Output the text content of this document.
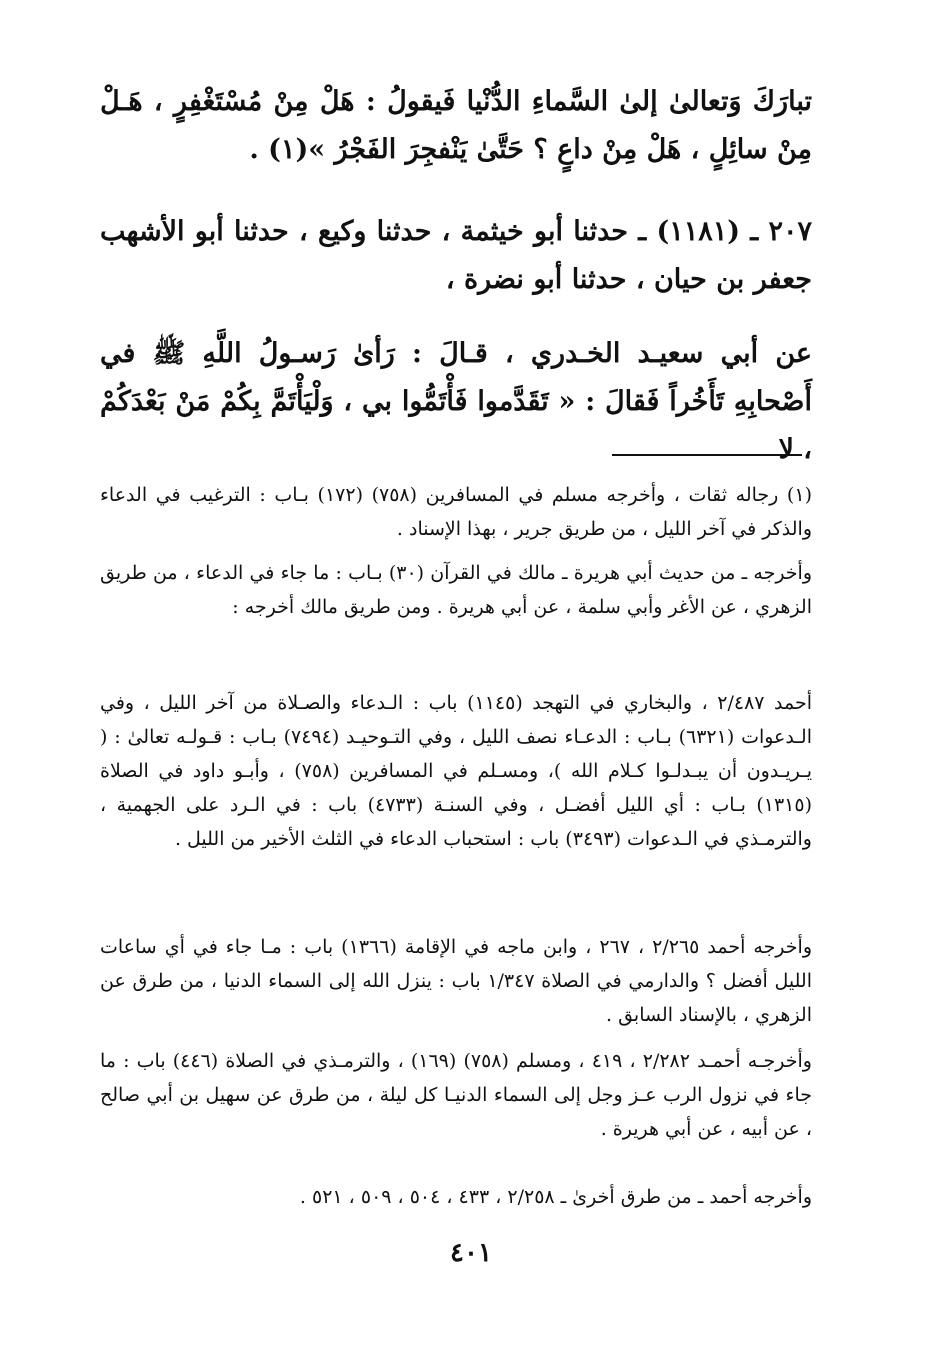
تبارَكَ وَتعالىٰ إلىٰ السَّماءِ الدُّنْيا فَيقولُ : هَلْ مِنْ مُسْتَغْفِرٍ ، هَـلْ مِنْ سائِلٍ ، هَلْ مِنْ داعٍ ؟ حَتَّىٰ يَنْفجِرَ الفَجْرُ »(١) .

٢٠٧ ـ (١١٨١) ـ حدثنا أبو خيثمة ، حدثنا وكيع ، حدثنا أبو الأشهب جعفر بن حيان ، حدثنا أبو نضرة ،

عن أبي سعيـد الخـدري ، قـالَ : رَأىٰ رَسـولُ اللَّهِ ﷺ في أَصْحابِهِ تَأَخُراً فَقالَ : « تَقَدَّموا فَأْتَمُّوا بي ، وَلْيَأْتَمَّ بِكُمْ مَنْ بَعْدَكُمْ ، لا

(١) رجاله ثقات ، وأخرجه مسلم في المسافرين (٧٥٨) (١٧٢) بـاب : الترغيب في الدعاء والذكر في آخر الليل ، من طريق جرير ، بهذا الإسناد .

وأخرجه ـ من حديث أبي هريرة ـ مالك في القرآن (٣٠) بـاب : ما جاء في الدعاء ، من طريق الزهري ، عن الأغر وأبي سلمة ، عن أبي هريرة . ومن طريق مالك أخرجه :

أحمد ٢/٤٨٧ ، والبخاري في التهجد (١١٤٥) باب : الـدعاء والصـلاة من آخر الليل ، وفي الـدعوات (٦٣٢١) بـاب : الدعـاء نصف الليل ، وفي التـوحيـد (٧٤٩٤) بـاب : قـولـه تعالىٰ : ( يـريـدون أن يبـدلـوا كـلام الله )، ومسـلم في المسافرين (٧٥٨) ، وأبـو داود في الصلاة (١٣١٥) بـاب : أي الليل أفضـل ، وفي السنـة (٤٧٣٣) باب : في الـرد على الجهمية ، والترمـذي في الـدعوات (٣٤٩٣) باب : استحباب الدعاء في الثلث الأخير من الليل .

وأخرجه أحمد ٢/٢٦٥ ، ٢٦٧ ، وابن ماجه في الإقامة (١٣٦٦) باب : مـا جاء في أي ساعات الليل أفضل ؟ والدارمي في الصلاة ١/٣٤٧ باب : ينزل الله إلى السماء الدنيا ، من طرق عن الزهري ، بالإسناد السابق .

وأخرجـه أحمـد ٢/٢٨٢ ، ٤١٩ ، ومسلم (٧٥٨) (١٦٩) ، والترمـذي في الصلاة (٤٤٦) باب : ما جاء في نزول الرب عـز وجل إلى السماء الدنيـا كل ليلة ، من طرق عن سهيل بن أبي صالح ، عن أبيه ، عن أبي هريرة .

وأخرجه أحمد ـ من طرق أخرىٰ ـ ٢/٢٥٨ ، ٤٣٣ ، ٥٠٤ ، ٥٠٩ ، ٥٢١ .

٤٠١
